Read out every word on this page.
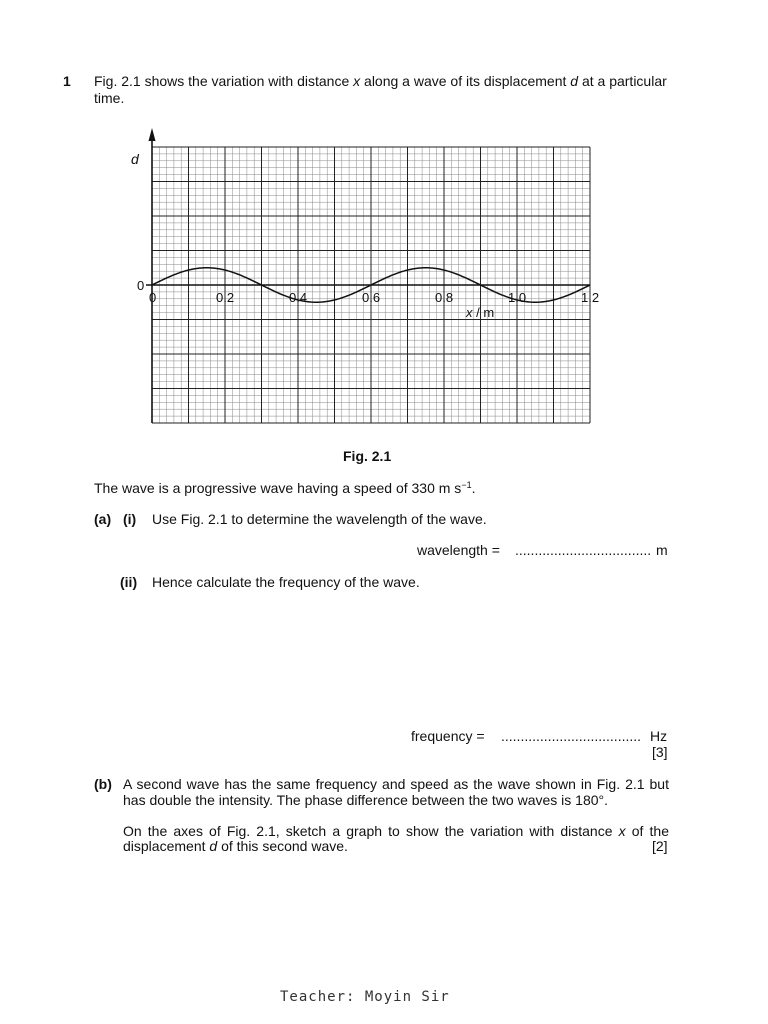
1 Fig. 2.1 shows the variation with distance x along a wave of its displacement d at a particular
time.
0	0.2	0.4	0.6	0.8	1.0	1.2
0
d
x / m
Fig. 2.1
The wave is a progressive wave having a speed of 330 m $s^{-1}$.
(a) (i) Use Fig. 2.1 to determine the wavelength of the wave.
wavelength = ................................... m
(ii) Hence calculate the frequency of the wave.
frequency = .................................... Hz
[3]
(b) A second wave has the same frequency and speed as the wave shown in Fig. 2.1 but
has double the intensity. The phase difference between the two waves is 180°.
On the axes of Fig. 2.1, sketch a graph to show the variation with distance x of the
displacement d of this second wave.	[2]
Teacher: Moyin Sir
